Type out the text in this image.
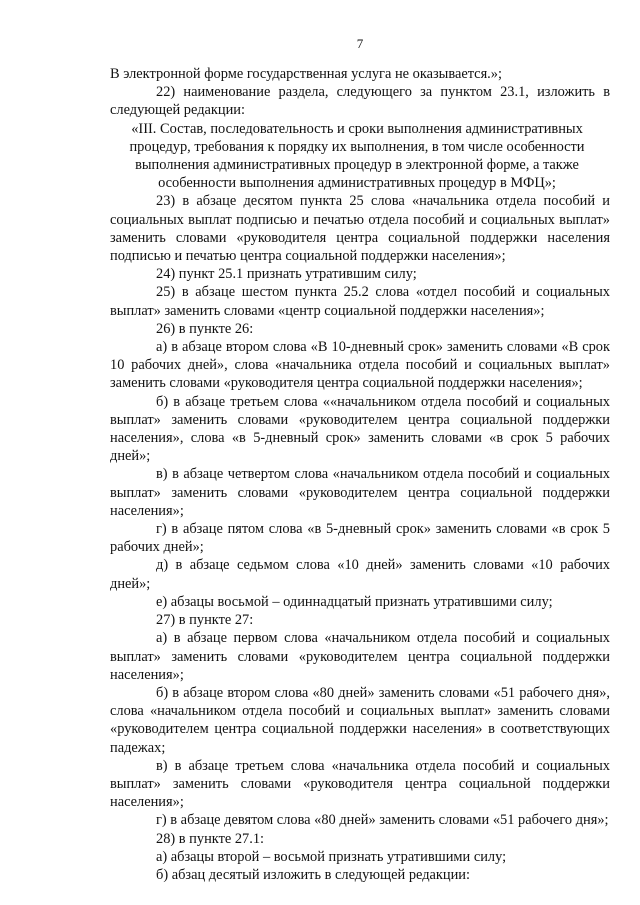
7

В электронной форме государственная услуга не оказывается.»;

22) наименование раздела, следующего за пунктом 23.1, изложить в следующей редакции:

«III. Состав, последовательность и сроки выполнения административных процедур, требования к порядку их выполнения, в том числе особенности выполнения административных процедур в электронной форме, а также особенности выполнения административных процедур в МФЦ»;

23) в абзаце десятом пункта 25 слова «начальника отдела пособий и социальных выплат подписью и печатью отдела пособий и социальных выплат» заменить словами «руководителя центра социальной поддержки населения подписью и печатью центра социальной поддержки населения»;

24) пункт 25.1 признать утратившим силу;

25) в абзаце шестом пункта 25.2 слова «отдел пособий и социальных выплат» заменить словами «центр социальной поддержки населения»;

26) в пункте 26:

а) в абзаце втором слова «В 10-дневный срок» заменить словами «В срок 10 рабочих дней», слова «начальника отдела пособий и социальных выплат» заменить словами «руководителя центра социальной поддержки населения»;

б) в абзаце третьем слова ««начальником отдела пособий и социальных выплат» заменить словами «руководителем центра социальной поддержки населения», слова «в 5-дневный срок» заменить словами «в срок 5 рабочих дней»;

в) в абзаце четвертом слова «начальником отдела пособий и социальных выплат» заменить словами «руководителем центра социальной поддержки населения»;

г) в абзаце пятом слова «в 5-дневный срок» заменить словами «в срок 5 рабочих дней»;

д) в абзаце седьмом слова «10 дней» заменить словами «10 рабочих дней»;

е) абзацы восьмой – одиннадцатый признать утратившими силу;

27) в пункте 27:

а) в абзаце первом слова «начальником отдела пособий и социальных выплат» заменить словами «руководителем центра социальной поддержки населения»;

б) в абзаце втором слова «80 дней» заменить словами «51 рабочего дня», слова «начальником отдела пособий и социальных выплат» заменить словами «руководителем центра социальной поддержки населения» в соответствующих падежах;

в) в абзаце третьем слова «начальника отдела пособий и социальных выплат» заменить словами «руководителя центра социальной поддержки населения»;

г) в абзаце девятом слова «80 дней» заменить словами «51 рабочего дня»;

28) в пункте 27.1:

а) абзацы второй – восьмой признать утратившими силу;

б) абзац десятый изложить в следующей редакции:
